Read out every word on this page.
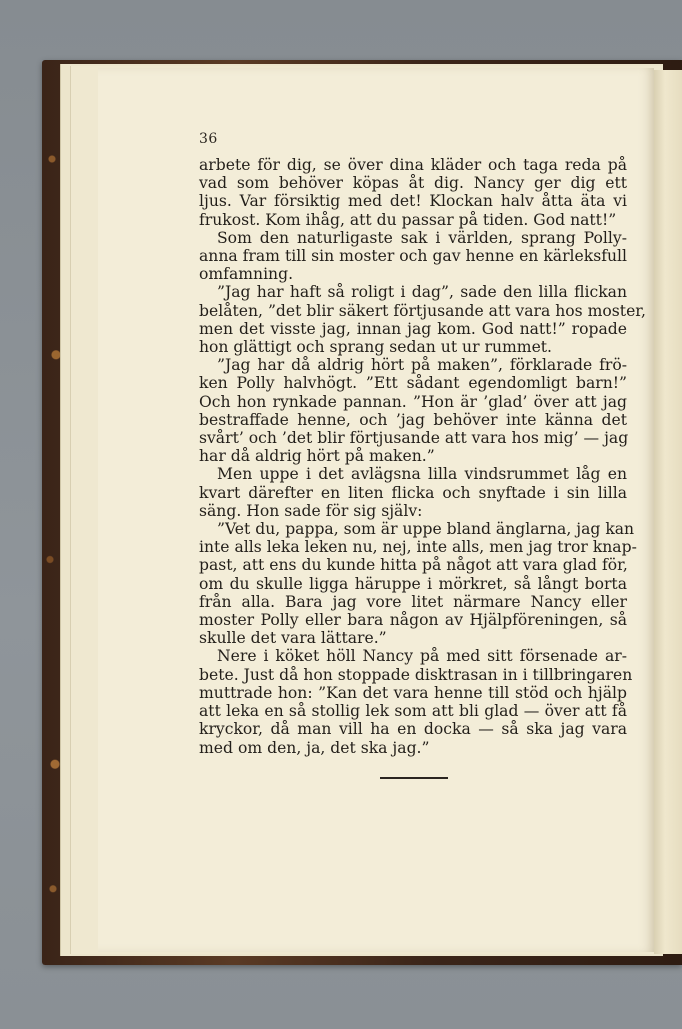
36
arbete för dig, se över dina kläder och taga reda på
vad som behöver köpas åt dig. Nancy ger dig ett
ljus. Var försiktig med det! Klockan halv åtta äta vi
frukost. Kom ihåg, att du passar på tiden. God natt!”
Som den naturligaste sak i världen, sprang Polly-
anna fram till sin moster och gav henne en kärleksfull
omfamning.
”Jag har haft så roligt i dag”, sade den lilla flickan
belåten, ”det blir säkert förtjusande att vara hos moster,
men det visste jag, innan jag kom. God natt!” ropade
hon glättigt och sprang sedan ut ur rummet.
”Jag har då aldrig hört på maken”, förklarade frö-
ken Polly halvhögt. ”Ett sådant egendomligt barn!”
Och hon rynkade pannan. ”Hon är ’glad’ över att jag
bestraffade henne, och ’jag behöver inte känna det
svårt’ och ’det blir förtjusande att vara hos mig’ — jag
har då aldrig hört på maken.”
Men uppe i det avlägsna lilla vindsrummet låg en
kvart därefter en liten flicka och snyftade i sin lilla
säng. Hon sade för sig själv:
”Vet du, pappa, som är uppe bland änglarna, jag kan
inte alls leka leken nu, nej, inte alls, men jag tror knap-
past, att ens du kunde hitta på något att vara glad för,
om du skulle ligga häruppe i mörkret, så långt borta
från alla. Bara jag vore litet närmare Nancy eller
moster Polly eller bara någon av Hjälpföreningen, så
skulle det vara lättare.”
Nere i köket höll Nancy på med sitt försenade ar-
bete. Just då hon stoppade disktrasan in i tillbringaren
muttrade hon: ”Kan det vara henne till stöd och hjälp
att leka en så stollig lek som att bli glad — över att få
kryckor, då man vill ha en docka — så ska jag vara
med om den, ja, det ska jag.”
